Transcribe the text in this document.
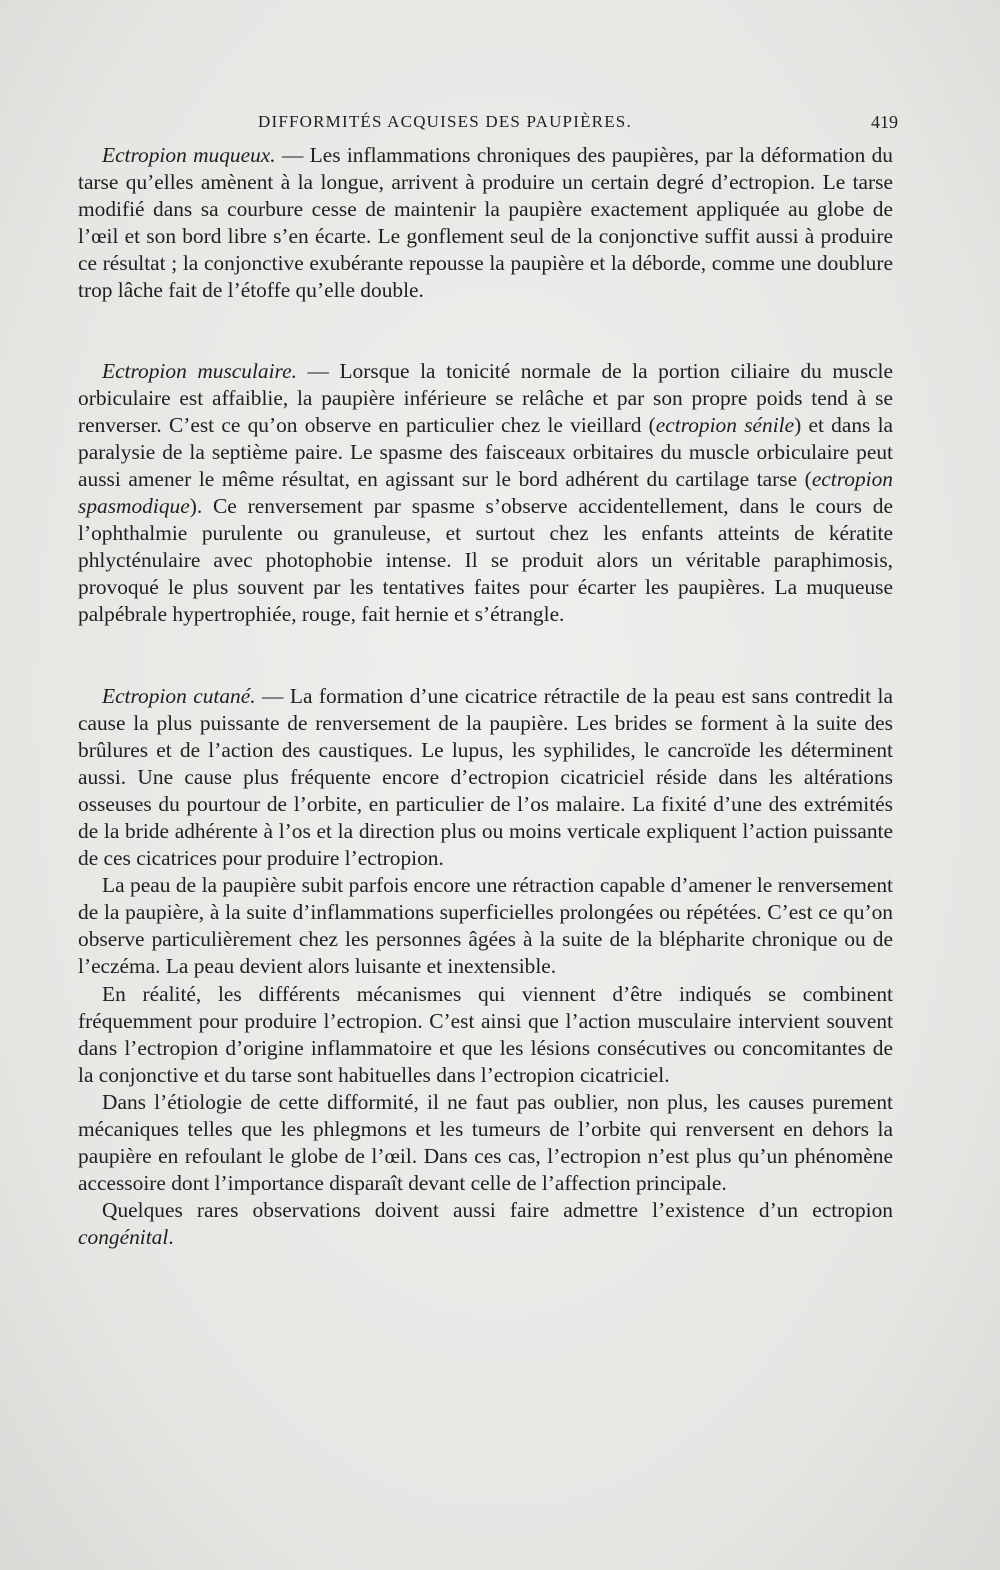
DIFFORMITÉS ACQUISES DES PAUPIÈRES.	419

Ectropion muqueux. — Les inflammations chroniques des paupières, par la déformation du tarse qu’elles amènent à la longue, arrivent à produire un certain degré d’ectropion. Le tarse modifié dans sa courbure cesse de maintenir la paupière exactement appliquée au globe de l’œil et son bord libre s’en écarte. Le gonflement seul de la conjonctive suffit aussi à produire ce résultat ; la conjonctive exubérante repousse la paupière et la déborde, comme une doublure trop lâche fait de l’étoffe qu’elle double.

Ectropion musculaire. — Lorsque la tonicité normale de la portion ciliaire du muscle orbiculaire est affaiblie, la paupière inférieure se relâche et par son propre poids tend à se renverser. C’est ce qu’on observe en particulier chez le vieillard (ectropion sénile) et dans la paralysie de la septième paire. Le spasme des faisceaux orbitaires du muscle orbiculaire peut aussi amener le même résultat, en agissant sur le bord adhérent du cartilage tarse (ectropion spasmodique). Ce renversement par spasme s’observe accidentellement, dans le cours de l’ophthalmie purulente ou granuleuse, et surtout chez les enfants atteints de kératite phlycténulaire avec photophobie intense. Il se produit alors un véritable paraphimosis, provoqué le plus souvent par les tentatives faites pour écarter les paupières. La muqueuse palpébrale hypertrophiée, rouge, fait hernie et s’étrangle.

Ectropion cutané. — La formation d’une cicatrice rétractile de la peau est sans contredit la cause la plus puissante de renversement de la paupière. Les brides se forment à la suite des brûlures et de l’action des caustiques. Le lupus, les syphilides, le cancroïde les déterminent aussi. Une cause plus fréquente encore d’ectropion cicatriciel réside dans les altérations osseuses du pourtour de l’orbite, en particulier de l’os malaire. La fixité d’une des extrémités de la bride adhérente à l’os et la direction plus ou moins verticale expliquent l’action puissante de ces cicatrices pour produire l’ectropion.

La peau de la paupière subit parfois encore une rétraction capable d’amener le renversement de la paupière, à la suite d’inflammations superficielles prolongées ou répétées. C’est ce qu’on observe particulièrement chez les personnes âgées à la suite de la blépharite chronique ou de l’eczéma. La peau devient alors luisante et inextensible.

En réalité, les différents mécanismes qui viennent d’être indiqués se combinent fréquemment pour produire l’ectropion. C’est ainsi que l’action musculaire intervient souvent dans l’ectropion d’origine inflammatoire et que les lésions consécutives ou concomitantes de la conjonctive et du tarse sont habituelles dans l’ectropion cicatriciel.

Dans l’étiologie de cette difformité, il ne faut pas oublier, non plus, les causes purement mécaniques telles que les phlegmons et les tumeurs de l’orbite qui renversent en dehors la paupière en refoulant le globe de l’œil. Dans ces cas, l’ectropion n’est plus qu’un phénomène accessoire dont l’importance disparaît devant celle de l’affection principale.

Quelques rares observations doivent aussi faire admettre l’existence d’un ectropion congénital.
